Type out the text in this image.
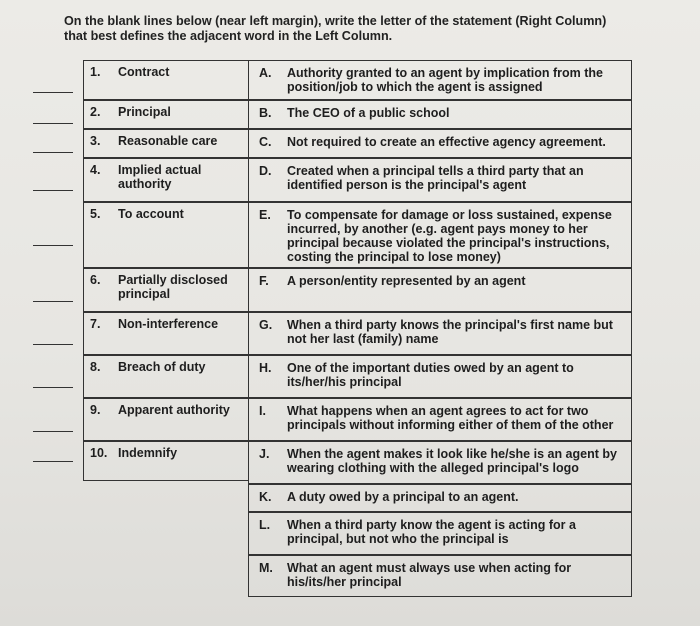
On the blank lines below (near left margin), write the letter of the statement (Right Column) that best defines the adjacent word in the Left Column.
1. Contract
2. Principal
3. Reasonable care
4. Implied actual authority
5. To account
6. Partially disclosed principal
7. Non-interference
8. Breach of duty
9. Apparent authority
10. Indemnify
A. Authority granted to an agent by implication from the position/job to which the agent is assigned
B. The CEO of a public school
C. Not required to create an effective agency agreement.
D. Created when a principal tells a third party that an identified person is the principal's agent
E. To compensate for damage or loss sustained, expense incurred, by another (e.g. agent pays money to her principal because violated the principal's instructions, costing the principal to lose money)
F. A person/entity represented by an agent
G. When a third party knows the principal's first name but not her last (family) name
H. One of the important duties owed by an agent to its/her/his principal
I. What happens when an agent agrees to act for two principals without informing either of them of the other
J. When the agent makes it look like he/she is an agent by wearing clothing with the alleged principal's logo
K. A duty owed by a principal to an agent.
L. When a third party know the agent is acting for a principal, but not who the principal is
M. What an agent must always use when acting for his/its/her principal
